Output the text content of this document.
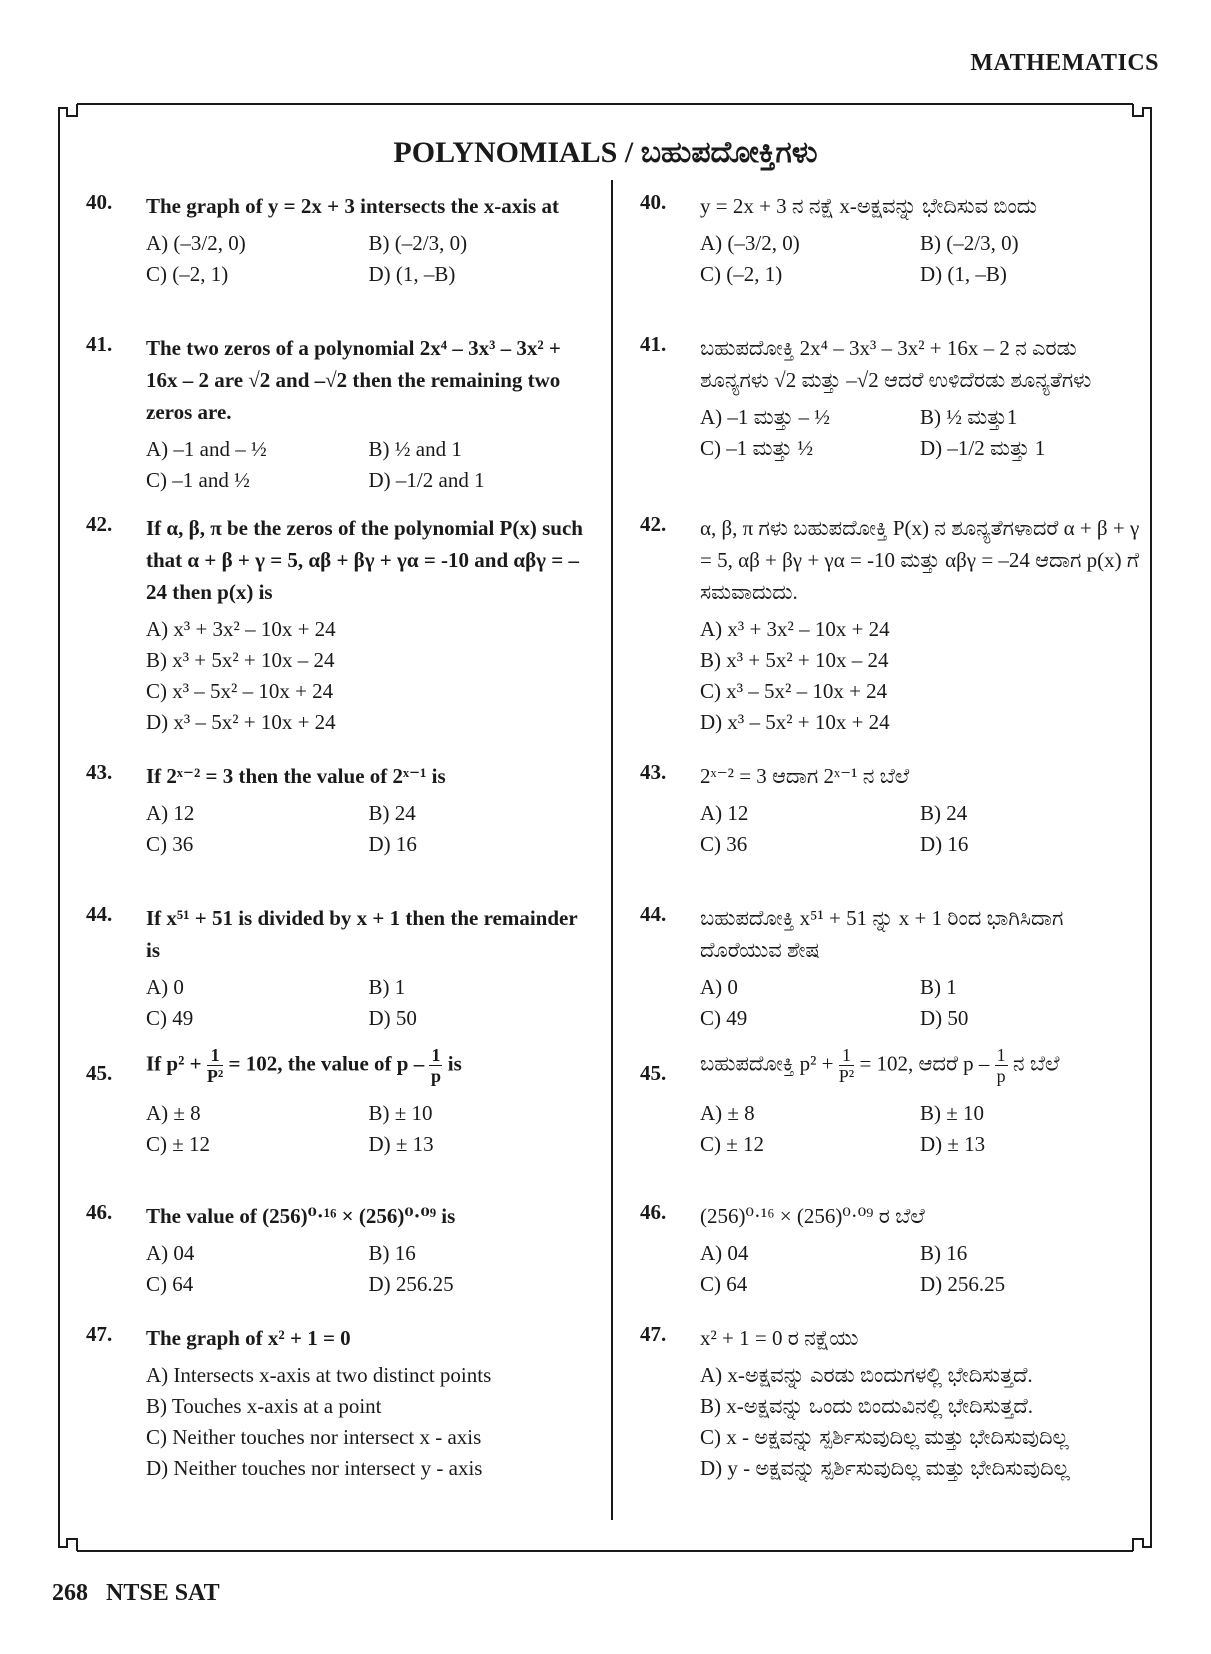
MATHEMATICS
POLYNOMIALS / ಬಹುಪದೋಕ್ತಿಗಳು
40. The graph of y = 2x + 3 intersects the x-axis at
A) (–3/2, 0)	B) (–2/3, 0)
C) (–2, 1)	D) (1, –B)
41. The two zeros of a polynomial 2x⁴ – 3x³ – 3x² + 16x – 2 are √2 and –√2 then the remaining two zeros are.
A) –1 and – ½	B) ½ and 1
C) –1 and ½	D) –1/2 and 1
42. If α, β, π be the zeros of the polynomial P(x) such that α + β + γ = 5, αβ + βγ + γα = -10 and αβγ = –24 then p(x) is
A) x³ + 3x² – 10x + 24
B) x³ + 5x² + 10x – 24
C) x³ – 5x² – 10x + 24
D) x³ – 5x² + 10x + 24
43. If 2ˣ⁻² = 3 then the value of 2ˣ⁻¹ is
A) 12	B) 24
C) 36	D) 16
44. If x⁵¹ + 51 is divided by x + 1 then the remainder is
A) 0	B) 1
C) 49	D) 50
45. If $p^2 + \frac{1}{\text{P²}} = 102$, the value of p – $\frac{1}{p}$ is
A) ± 8	B) ± 10
C) ± 12	D) ± 13
46. The value of (256)⁰·¹⁶ × (256)⁰·⁰⁹ is
A) 04	B) 16
C) 64	D) 256.25
47. The graph of x² + 1 = 0
A) Intersects x-axis at two distinct points
B) Touches x-axis at a point
C) Neither touches nor intersect x - axis
D) Neither touches nor intersect y - axis
40. y = 2x + 3 ನ ನಕ್ಷೆ x-ಅಕ್ಷವನ್ನು ಭೇದಿಸುವ ಬಿಂದು
A) (–3/2, 0)	B) (–2/3, 0)
C) (–2, 1)	D) (1, –B)
41. ಬಹುಪದೋಕ್ತಿ 2x⁴ – 3x³ – 3x² + 16x – 2 ನ ಎರಡು ಶೂನ್ಯಗಳು √2 ಮತ್ತು –√2 ಆದರೆ ಉಳಿದೆರಡು ಶೂನ್ಯತೆಗಳು
A) –1 ಮತ್ತು – ½	B) ½ ಮತ್ತು1
C) –1 ಮತ್ತು ½	D) –1/2 ಮತ್ತು 1
42. α, β, π ಗಳು ಬಹುಪದೋಕ್ತಿ P(x) ನ ಶೂನ್ಯತೆಗಳಾದರೆ α + β + γ = 5, αβ + βγ + γα = -10 ಮತ್ತು αβγ = –24 ಆದಾಗ p(x) ಗೆ ಸಮವಾದುದು.
A) x³ + 3x² – 10x + 24
B) x³ + 5x² + 10x – 24
C) x³ – 5x² – 10x + 24
D) x³ – 5x² + 10x + 24
43. 2ˣ⁻² = 3 ಆದಾಗ 2ˣ⁻¹ ನ ಬೆಲೆ
A) 12	B) 24
C) 36	D) 16
44. ಬಹುಪದೋಕ್ತಿ x⁵¹ + 51 ನ್ನು x + 1 ರಿಂದ ಭಾಗಿಸಿದಾಗ ದೊರೆಯುವ ಶೇಷ
A) 0	B) 1
C) 49	D) 50
45. ಬಹುಪದೋಕ್ತಿ $p^2 + \frac{1}{\text{P²}} = 102$, ಆದರೆ p – $\frac{1}{p}$ ನ ಬೆಲೆ
A) ± 8	B) ± 10
C) ± 12	D) ± 13
46. (256)⁰·¹⁶ × (256)⁰·⁰⁹ ರ ಬೆಲೆ
A) 04	B) 16
C) 64	D) 256.25
47. x² + 1 = 0 ರ ನಕ್ಷೆಯು
A) x-ಅಕ್ಷವನ್ನು ಎರಡು ಬಿಂದುಗಳಲ್ಲಿ ಭೇದಿಸುತ್ತದೆ.
B) x-ಅಕ್ಷವನ್ನು ಒಂದು ಬಿಂದುವಿನಲ್ಲಿ ಭೇದಿಸುತ್ತದೆ.
C) x - ಅಕ್ಷವನ್ನು ಸ್ಪರ್ಶಿಸುವುದಿಲ್ಲ ಮತ್ತು ಭೇದಿಸುವುದಿಲ್ಲ
D) y - ಅಕ್ಷವನ್ನು ಸ್ಪರ್ಶಿಸುವುದಿಲ್ಲ ಮತ್ತು ಭೇದಿಸುವುದಿಲ್ಲ
268 NTSE SAT
